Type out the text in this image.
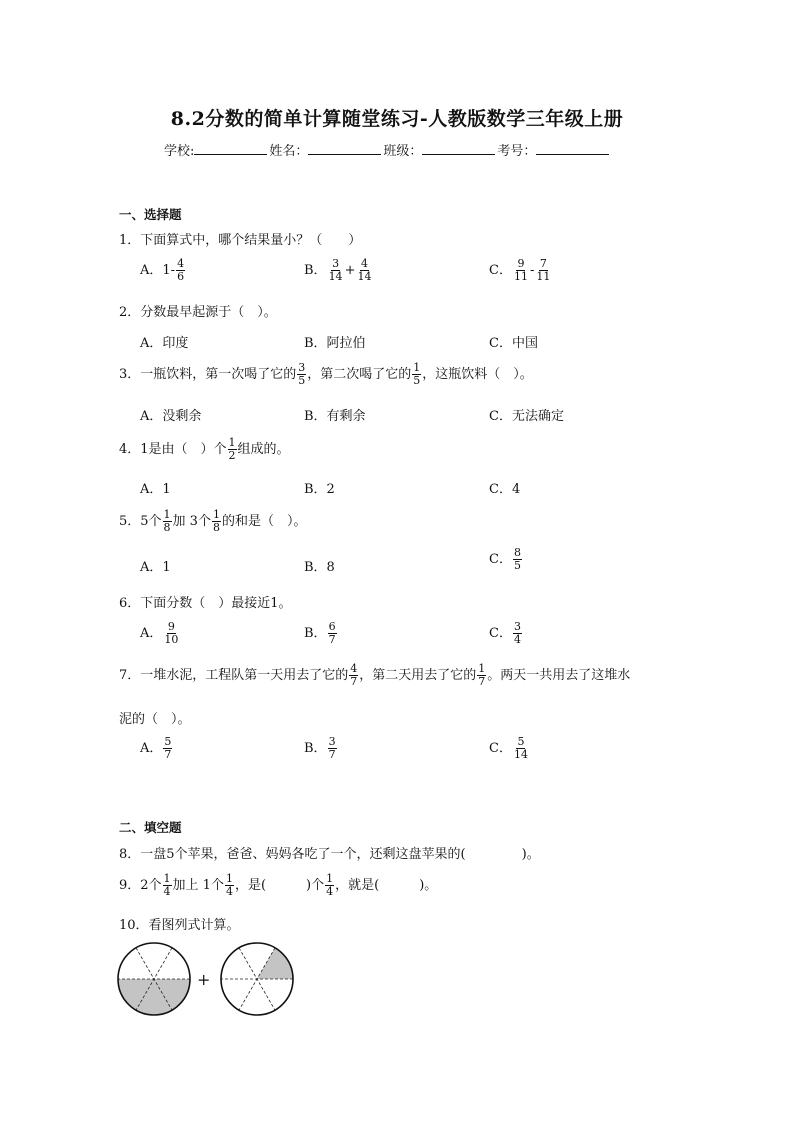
8.2分数的简单计算随堂练习-人教版数学三年级上册
学校:	姓名：	班级：	考号：
一、选择题
1．下面算式中，哪个结果量小？（　　）
A．$1- \frac{4}{6}$	B． $\frac{3}{14} + \frac{4}{14}$	C． $\frac{9}{11} - \frac{7}{11}$
2．分数最早起源于（　）。
A．印度	B．阿拉伯	C．中国
3．一瓶饮料，第一次喝了它的 $\frac{3}{5}$ ，第二次喝了它的 $\frac{1}{5}$ ，这瓶饮料（　）。
A．没剩余	B．有剩余	C．无法确定
4．1是由（　）个 $\frac{1}{2}$ 组成的。
A．1	B．2	C．4
5．5个 $\frac{1}{8}$ 加 3个 $\frac{1}{8}$ 的和是（　）。
A．1	B．8
C． $\frac{8}{5}$
6．下面分数（　）最接近1。
A． $\frac{9}{10}$	B． $\frac{6}{7}$	C． $\frac{3}{4}$
7．一堆水泥，工程队第一天用去了它的 $\frac{4}{7}$ ，第二天用去了它的 $\frac{1}{7}$ 。两天一共用去了这堆水
泥的（　）。
A． $\frac{5}{7}$	B． $\frac{3}{7}$	C． $\frac{5}{14}$
二、填空题
8．一盘5个苹果，爸爸、妈妈各吃了一个，还剩这盘苹果的(	)。
9．2个 $\frac{1}{4}$ 加上 1个 $\frac{1}{4}$ ，是(	)个 $\frac{1}{4}$ ，就是(	)。
10．看图列式计算。
+
